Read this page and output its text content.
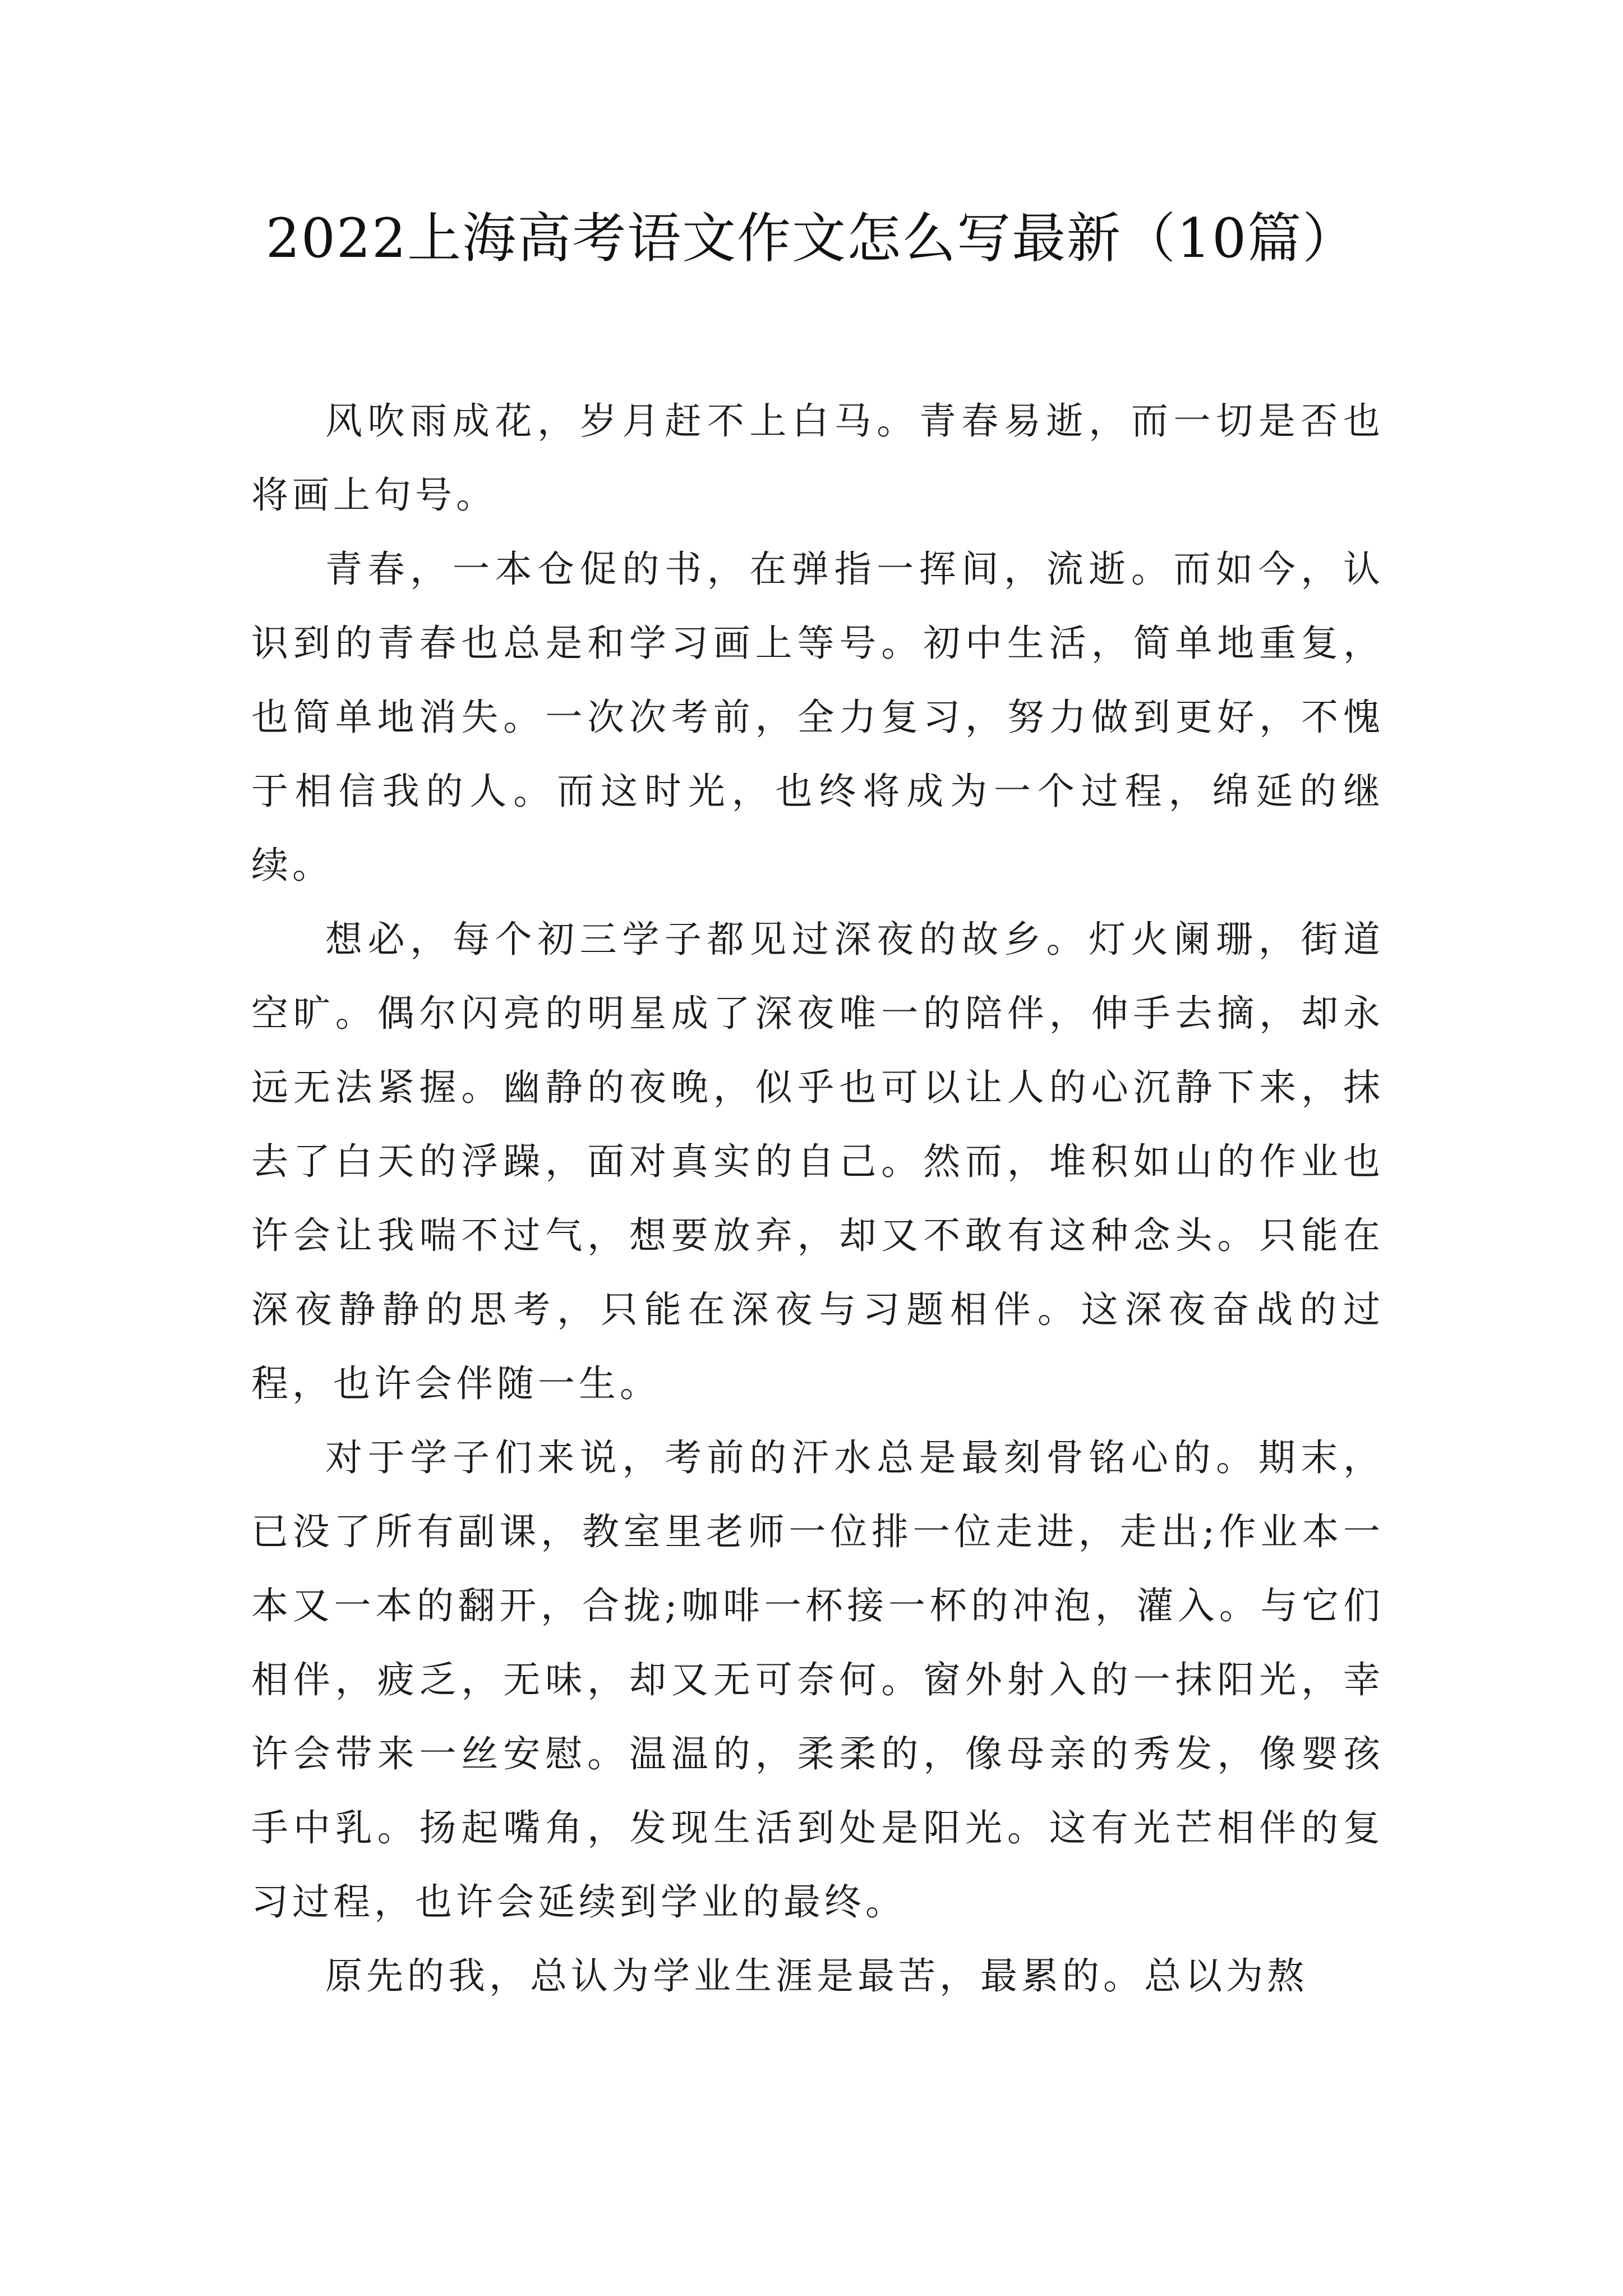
2022上海高考语文作文怎么写最新（10篇）

风吹雨成花，岁月赶不上白马。青春易逝，而一切是否也将画上句号。

青春，一本仓促的书，在弹指一挥间，流逝。而如今，认识到的青春也总是和学习画上等号。初中生活，简单地重复，也简单地消失。一次次考前，全力复习，努力做到更好，不愧于相信我的人。而这时光，也终将成为一个过程，绵延的继续。

想必，每个初三学子都见过深夜的故乡。灯火阑珊，街道空旷。偶尔闪亮的明星成了深夜唯一的陪伴，伸手去摘，却永远无法紧握。幽静的夜晚，似乎也可以让人的心沉静下来，抹去了白天的浮躁，面对真实的自己。然而，堆积如山的作业也许会让我喘不过气，想要放弃，却又不敢有这种念头。只能在深夜静静的思考，只能在深夜与习题相伴。这深夜奋战的过程，也许会伴随一生。

对于学子们来说，考前的汗水总是最刻骨铭心的。期末，已没了所有副课，教室里老师一位排一位走进，走出;作业本一本又一本的翻开，合拢;咖啡一杯接一杯的冲泡，灌入。与它们相伴，疲乏，无味，却又无可奈何。窗外射入的一抹阳光，幸许会带来一丝安慰。温温的，柔柔的，像母亲的秀发，像婴孩手中乳。扬起嘴角，发现生活到处是阳光。这有光芒相伴的复习过程，也许会延续到学业的最终。

原先的我，总认为学业生涯是最苦，最累的。总以为熬
